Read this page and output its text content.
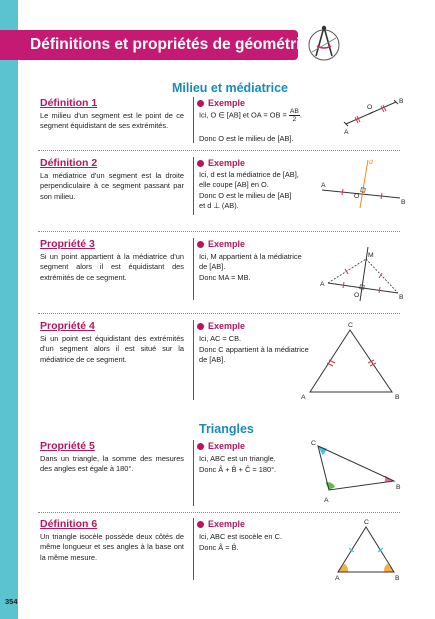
Définitions et propriétés de géométrie
Milieu et médiatrice
Définition 1
Le milieu d'un segment est le point de ce segment équidistant de ses extrémités.
Exemple
Ici, O ∈ [AB] et OA = OB = $\frac{AB}{2}$ .
Donc O est le milieu de [AB].
A
B
O
Définition 2
La médiatrice d'un segment est la droite perpendiculaire à ce segment passant par son milieu.
Exemple
Ici, d est la médiatrice de [AB],
elle coupe [AB] en O.
Donc O est le milieu de [AB]
et d ⊥ (AB).
A
B
O
d
Propriété 3
Si un point appartient à la médiatrice d'un segment alors il est équidistant des extrémités de ce segment.
Exemple
Ici, M appartient à la médiatrice
de [AB].
Donc MA = MB.
A
B
O
M
Propriété 4
Si un point est équidistant des extrémités d'un segment alors il est situé sur la médiatrice de ce segment.
Exemple
Ici, AC = CB.
Donc C appartient à la médiatrice
de [AB].
A	B
C
Triangles
Propriété 5
Dans un triangle, la somme des mesures des angles est égale à 180°.
Exemple
Ici, ABC est un triangle.
Donc Â + B̂ + Ĉ = 180°.
C
B
A
Définition 6
Un triangle isocèle possède deux côtés de même longueur et ses angles à la base ont la même mesure.
Exemple
Ici, ABC est isocèle en C.
Donc Â = B̂.
A	B
C
354
